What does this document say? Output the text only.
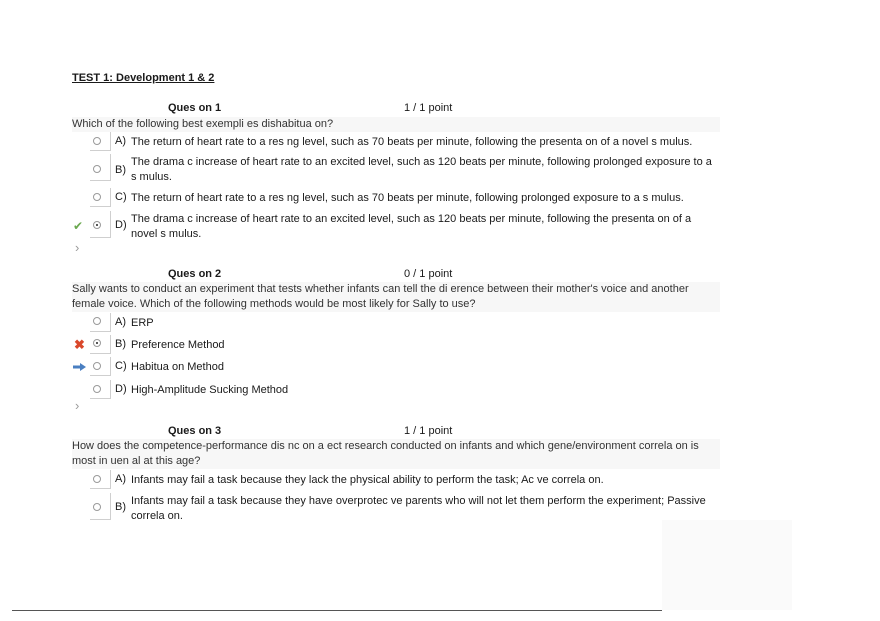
TEST 1: Development 1 & 2
Ques on 1	1 / 1 point
Which of the following best exempli es dishabitua on?
A) The return of heart rate to a res ng level, such as 70 beats per minute, following the presenta on of a novel s mulus.
B)
The drama c increase of heart rate to an excited level, such as 120 beats per minute, following prolonged exposure to a s mulus.
C) The return of heart rate to a res ng level, such as 70 beats per minute, following prolonged exposure to a s mulus.
✔	D) The drama c increase of heart rate to an excited level, such as 120 beats per minute, following the presenta on of a novel s mulus.
›
Ques on 2	0 / 1 point
Sally wants to conduct an experiment that tests whether infants can tell the di erence between their mother's voice and another female voice. Which of the following methods would be most likely for Sally to use?
A) ERP
✖	B) Preference Method
C) Habitua on Method
D) High-Amplitude Sucking Method
›
Ques on 3	1 / 1 point
How does the competence-performance dis nc on a ect research conducted on infants and which gene/environment correla on is most in uen al at this age?
A) Infants may fail a task because they lack the physical ability to perform the task; Ac ve correla on.
B) Infants may fail a task because they have overprotec ve parents who will not let them perform the experiment; Passive correla on.
